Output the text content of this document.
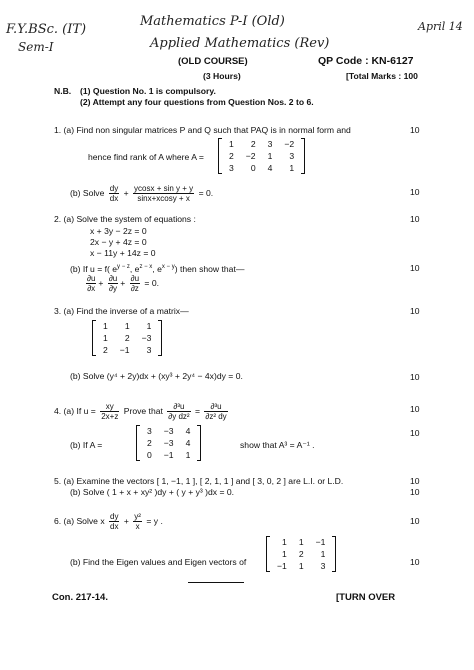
F.Y.BSc. (IT)
Sem-I
Mathematics P-I (Old)
Applied Mathematics (Rev)
April 14
(OLD COURSE)	QP Code : KN-6127
(3 Hours)	[Total Marks : 100
N.B. (1) Question No. 1 is compulsory.
(2) Attempt any four questions from Question Nos. 2 to 6.
1. (a) Find non singular matrices P and Q such that PAQ is in normal form and	10
hence find rank of A where A =
1	2	3	−2
2	−2	1	3
3	0	4	1
(b) Solve $\frac{dy}{dx} + \frac{\text{ycosx + sin y + y}}{\sin x+xcosy + x} = 0$.	10
2. (a) Solve the system of equations :	10
x + 3y − 2z = 0
2x − y + 4z = 0
x − 11y + 14z = 0
(b) If u = f( $e^{y - z}$, $e^{z - x}$, $e^{x - y}$) then show that—	10
$\frac{\partial u}{\partial x} + \frac{\partial u}{\partial y} + \frac{\partial u}{\partial z} = 0$.
3. (a) Find the inverse of a matrix—	10
1	1	1
1	2	−3
2	−1	3
(b) Solve (y⁴ + 2y)dx + (xy³ + 2y⁴ − 4x)dy = 0.	10
4. (a) If $u = \frac{xy}{2x+z}$ Prove that $\frac{\text{∂³u}}{\text{∂y dz²}} = \frac{\text{∂³u}}{\text{∂z² dy}}$	10
(b) If A =
3	−3	4
2	−3	4
0	−1	1
show that A³ = A⁻¹ .
10
5. (a) Examine the vectors [ 1, −1, 1 ], [ 2, 1, 1 ] and [ 3, 0, 2 ] are L.I. or L.D.	10
(b) Solve ( 1 + x + xy² )dy + ( y + y³ )dx = 0.	10
6. (a) Solve x $\frac{dy}{dx} + \frac{\text{y²}}{x} = y$ .	10
(b) Find the Eigen values and Eigen vectors of
1	1	−1
1	2	1
−1	1	3	10
Con. 217-14.	[TURN OVER
